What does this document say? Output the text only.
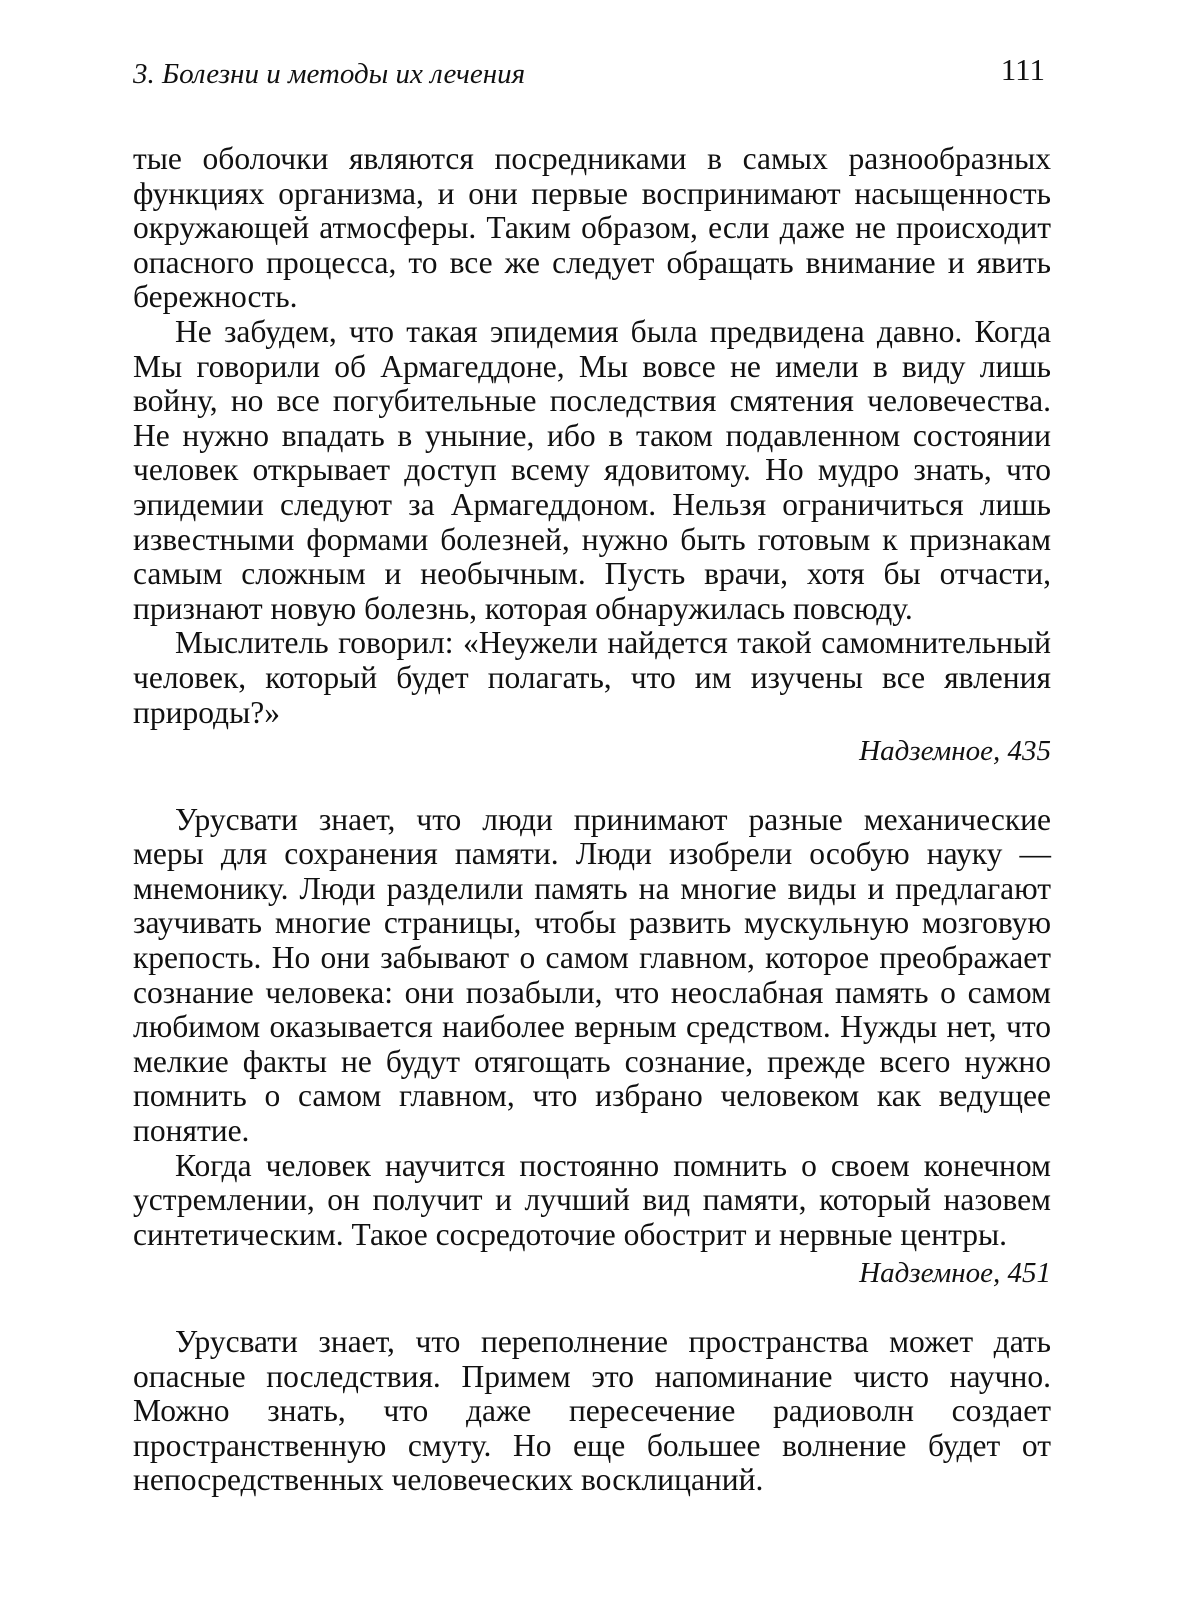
3. Болезни и методы их лечения	111

тые оболочки являются посредниками в самых разнообразных функциях организма, и они первые воспринимают насыщенность окружающей атмосферы. Таким образом, если даже не происходит опасного процесса, то все же следует обращать внимание и явить бережность.

Не забудем, что такая эпидемия была предвидена давно. Когда Мы говорили об Армагеддоне, Мы вовсе не имели в виду лишь войну, но все погубительные последствия смятения человечества. Не нужно впадать в уныние, ибо в таком подавленном состоянии человек открывает доступ всему ядовитому. Но мудро знать, что эпидемии следуют за Армагеддоном. Нельзя ограничиться лишь известными формами болезней, нужно быть готовым к признакам самым сложным и необычным. Пусть врачи, хотя бы отчасти, признают новую болезнь, которая обнаружилась повсюду.

Мыслитель говорил: «Неужели найдется такой самомнительный человек, который будет полагать, что им изучены все явления природы?»

Надземное, 435

Урусвати знает, что люди принимают разные механические меры для сохранения памяти. Люди изобрели особую науку — мнемонику. Люди разделили память на многие виды и предлагают заучивать многие страницы, чтобы развить мускульную мозговую крепость. Но они забывают о самом главном, которое преображает сознание человека: они позабыли, что неослабная память о самом любимом оказывается наиболее верным средством. Нужды нет, что мелкие факты не будут отягощать сознание, прежде всего нужно помнить о самом главном, что избрано человеком как ведущее понятие.

Когда человек научится постоянно помнить о своем конечном устремлении, он получит и лучший вид памяти, который назовем синтетическим. Такое сосредоточие обострит и нервные центры.

Надземное, 451

Урусвати знает, что переполнение пространства может дать опасные последствия. Примем это напоминание чисто научно. Можно знать, что даже пересечение радиоволн создает пространственную смуту. Но еще большее волнение будет от непосредственных человеческих восклицаний.
